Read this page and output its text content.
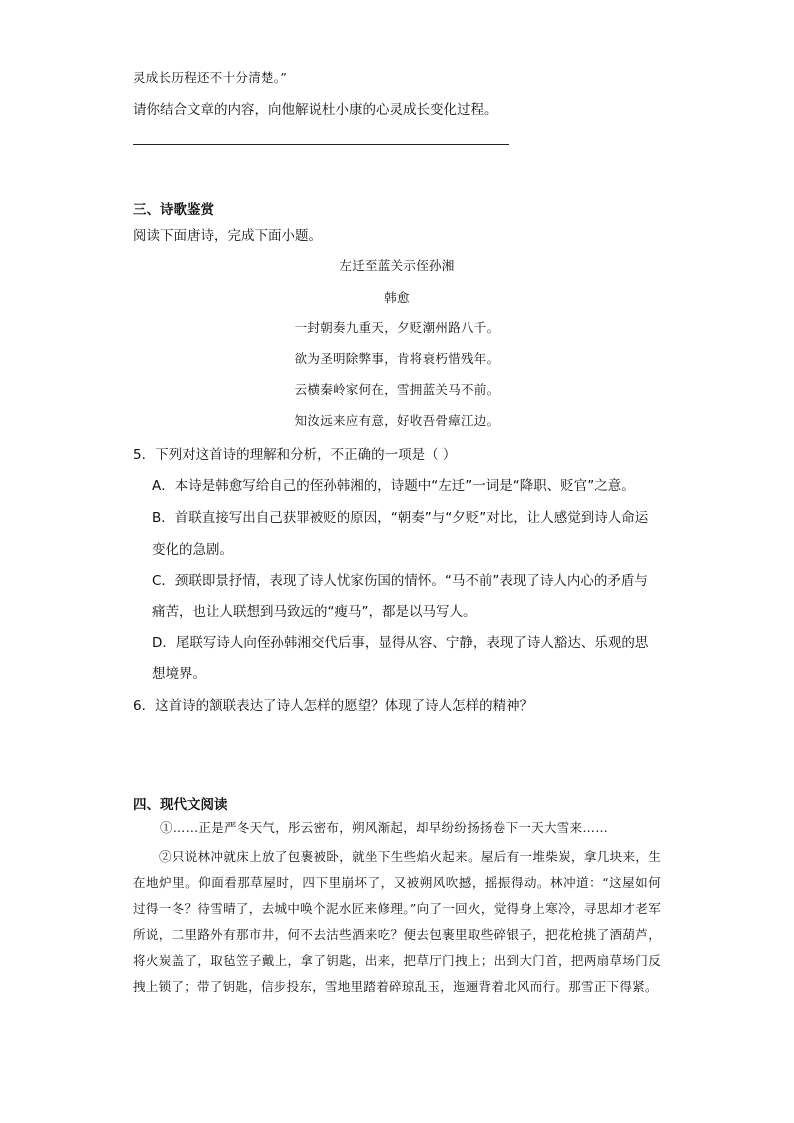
灵成长历程还不十分清楚。”
请你结合文章的内容，向他解说杜小康的心灵成长变化过程。
三、诗歌鉴赏
阅读下面唐诗，完成下面小题。
左迁至蓝关示侄孙湘
韩愈
一封朝奏九重天，夕贬潮州路八千。
欲为圣明除弊事，肯将衰朽惜残年。
云横秦岭家何在，雪拥蓝关马不前。
知汝远来应有意，好收吾骨瘴江边。
5．下列对这首诗的理解和分析，不正确的一项是（ ）
A．本诗是韩愈写给自己的侄孙韩湘的，诗题中“左迁”一词是“降职、贬官”之意。
B．首联直接写出自己获罪被贬的原因，“朝奏”与“夕贬”对比，让人感觉到诗人命运
变化的急剧。
C．颈联即景抒情，表现了诗人忧家伤国的情怀。“马不前”表现了诗人内心的矛盾与
痛苦，也让人联想到马致远的“瘦马”，都是以马写人。
D．尾联写诗人向侄孙韩湘交代后事，显得从容、宁静，表现了诗人豁达、乐观的思
想境界。
6．这首诗的颔联表达了诗人怎样的愿望？体现了诗人怎样的精神？
四、现代文阅读
①……正是严冬天气，彤云密布，朔风渐起，却早纷纷扬扬卷下一天大雪来……
②只说林冲就床上放了包裹被卧，就坐下生些焰火起来。屋后有一堆柴炭，拿几块来，生在地炉里。仰面看那草屋时，四下里崩坏了，又被朔风吹撼，摇振得动。林冲道：“这屋如何过得一冬？待雪晴了，去城中唤个泥水匠来修理。”向了一回火，觉得身上寒冷，寻思却才老军所说，二里路外有那市井，何不去沽些酒来吃？便去包裹里取些碎银子，把花枪挑了酒葫芦，将火炭盖了，取毡笠子戴上，拿了钥匙，出来，把草厅门拽上；出到大门首，把两扇草场门反拽上锁了；带了钥匙，信步投东，雪地里踏着碎琼乱玉，迤逦背着北风而行。那雪正下得紧。
